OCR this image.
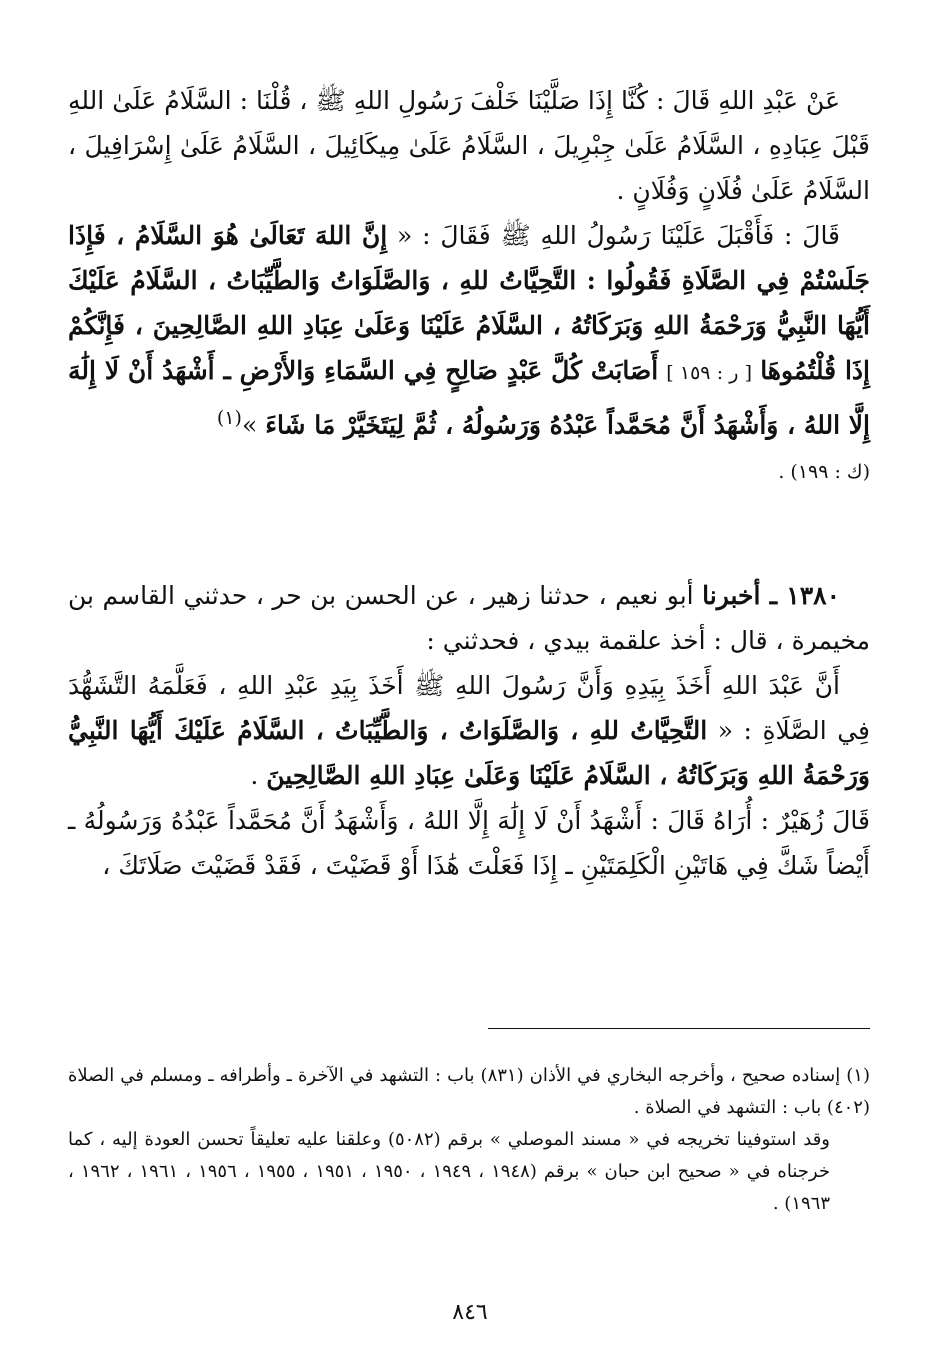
عَنْ عَبْدِ اللهِ قَالَ : كُنَّا إِذَا صَلَّيْنَا خَلْفَ رَسُولِ اللهِ ﷺ ، قُلْنَا : السَّلَامُ عَلَىٰ اللهِ قَبْلَ عِبَادِهِ ، السَّلَامُ عَلَىٰ جِبْرِيلَ ، السَّلَامُ عَلَىٰ مِيكَائِيلَ ، السَّلَامُ عَلَىٰ إِسْرَافِيلَ ، السَّلَامُ عَلَىٰ فُلَانٍ وَفُلَانٍ .

قَالَ : فَأَقْبَلَ عَلَيْنَا رَسُولُ اللهِ ﷺ فَقَالَ : « إِنَّ اللهَ تَعَالَىٰ هُوَ السَّلَامُ ، فَإِذَا جَلَسْتُمْ فِي الصَّلَاةِ فَقُولُوا : التَّحِيَّاتُ للهِ ، وَالصَّلَوَاتُ وَالطَّيِّبَاتُ ، السَّلَامُ عَلَيْكَ أَيُّهَا النَّبِيُّ وَرَحْمَةُ اللهِ وَبَرَكَاتُهُ ، السَّلَامُ عَلَيْنَا وَعَلَىٰ عِبَادِ اللهِ الصَّالِحِينَ ، فَإِنَّكُمْ إِذَا قُلْتُمُوهَا [ ر : ١٥٩ ] أَصَابَتْ كُلَّ عَبْدٍ صَالِحٍ فِي السَّمَاءِ وَالأَرْضِ ـ أَشْهَدُ أَنْ لَا إِلَٰهَ إِلَّا اللهُ ، وَأَشْهَدُ أَنَّ مُحَمَّداً عَبْدُهُ وَرَسُولُهُ ، ثُمَّ لِيَتَخَيَّرْ مَا شَاءَ »$^{(١)}$

(ك : ١٩٩) .

١٣٨٠ ـ أخبرنا أبو نعيم ، حدثنا زهير ، عن الحسن بن حر ، حدثني القاسم بن مخيمرة ، قال : أخذ علقمة بيدي ، فحدثني :

أَنَّ عَبْدَ اللهِ أَخَذَ بِيَدِهِ وَأَنَّ رَسُولَ اللهِ ﷺ أَخَذَ بِيَدِ عَبْدِ اللهِ ، فَعَلَّمَهُ التَّشَهُّدَ فِي الصَّلَاةِ : « التَّحِيَّاتُ للهِ ، وَالصَّلَوَاتُ ، وَالطَّيِّبَاتُ ، السَّلَامُ عَلَيْكَ أَيُّهَا النَّبِيُّ وَرَحْمَةُ اللهِ وَبَرَكَاتُهُ ، السَّلَامُ عَلَيْنَا وَعَلَىٰ عِبَادِ اللهِ الصَّالِحِينَ .

قَالَ زُهَيْرٌ : أُرَاهُ قَالَ : أَشْهَدُ أَنْ لَا إِلَٰهَ إِلَّا اللهُ ، وَأَشْهَدُ أَنَّ مُحَمَّداً عَبْدُهُ وَرَسُولُهُ ـ أَيْضاً شَكَّ فِي هَاتَيْنِ الْكَلِمَتَيْنِ ـ إِذَا فَعَلْتَ هَٰذَا أَوْ قَضَيْتَ ، فَقَدْ قَضَيْتَ صَلَاتَكَ ،

(١) إسناده صحيح ، وأخرجه البخاري في الأذان (٨٣١) باب : التشهد في الآخرة ـ وأطرافه ـ ومسلم في الصلاة (٤٠٢) باب : التشهد في الصلاة .

وقد استوفينا تخريجه في « مسند الموصلي » برقم (٥٠٨٢) وعلقنا عليه تعليقاً تحسن العودة إليه ، كما خرجناه في « صحيح ابن حبان » برقم (١٩٤٨ ، ١٩٤٩ ، ١٩٥٠ ، ١٩٥١ ، ١٩٥٥ ، ١٩٥٦ ، ١٩٦١ ، ١٩٦٢ ، ١٩٦٣) .

٨٤٦
